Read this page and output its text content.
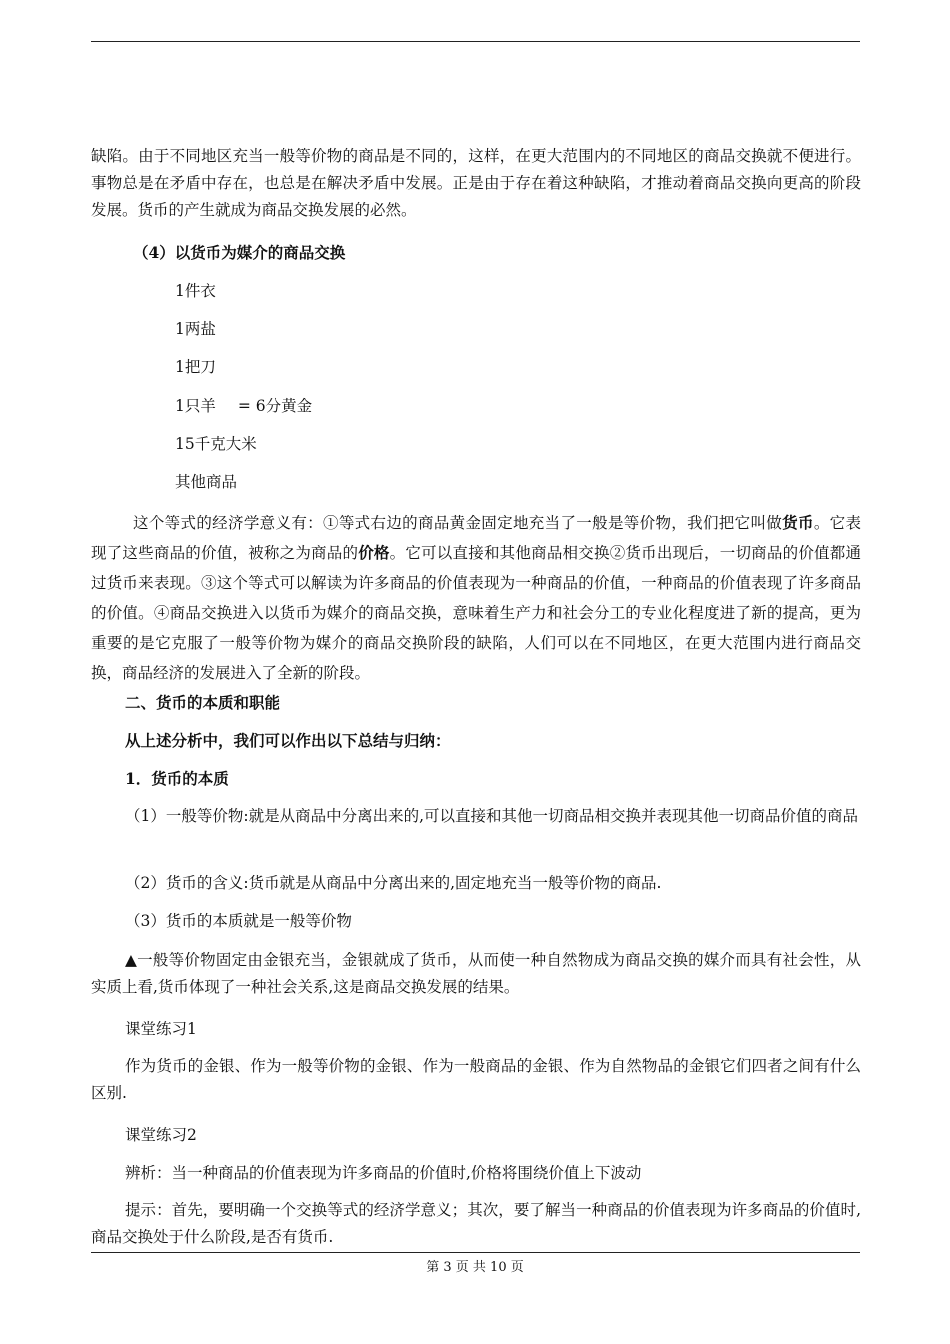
缺陷。由于不同地区充当一般等价物的商品是不同的，这样，在更大范围内的不同地区的商品交换就不便进行。事物总是在矛盾中存在，也总是在解决矛盾中发展。正是由于存在着这种缺陷，才推动着商品交换向更高的阶段发展。货币的产生就成为商品交换发展的必然。
（4）以货币为媒介的商品交换
1件衣
1两盐
1把刀
1只羊 = 6分黄金
15千克大米
其他商品
这个等式的经济学意义有：①等式右边的商品黄金固定地充当了一般是等价物，我们把它叫做货币。它表现了这些商品的价值，被称之为商品的价格。它可以直接和其他商品相交换②货币出现后，一切商品的价值都通过货币来表现。③这个等式可以解读为许多商品的价值表现为一种商品的价值，一种商品的价值表现了许多商品的价值。④商品交换进入以货币为媒介的商品交换，意味着生产力和社会分工的专业化程度进了新的提高，更为重要的是它克服了一般等价物为媒介的商品交换阶段的缺陷，人们可以在不同地区，在更大范围内进行商品交换，商品经济的发展进入了全新的阶段。
二、货币的本质和职能
从上述分析中，我们可以作出以下总结与归纳：
1．货币的本质
（1）一般等价物:就是从商品中分离出来的,可以直接和其他一切商品相交换并表现其他一切商品价值的商品
（2）货币的含义:货币就是从商品中分离出来的,固定地充当一般等价物的商品.
（3）货币的本质就是一般等价物
▲一般等价物固定由金银充当，金银就成了货币，从而使一种自然物成为商品交换的媒介而具有社会性，从实质上看,货币体现了一种社会关系,这是商品交换发展的结果。
课堂练习1
作为货币的金银、作为一般等价物的金银、作为一般商品的金银、作为自然物品的金银它们四者之间有什么区别.
课堂练习2
辨析：当一种商品的价值表现为许多商品的价值时,价格将围绕价值上下波动
提示：首先，要明确一个交换等式的经济学意义；其次，要了解当一种商品的价值表现为许多商品的价值时,商品交换处于什么阶段,是否有货币.
第 3 页 共 10 页
